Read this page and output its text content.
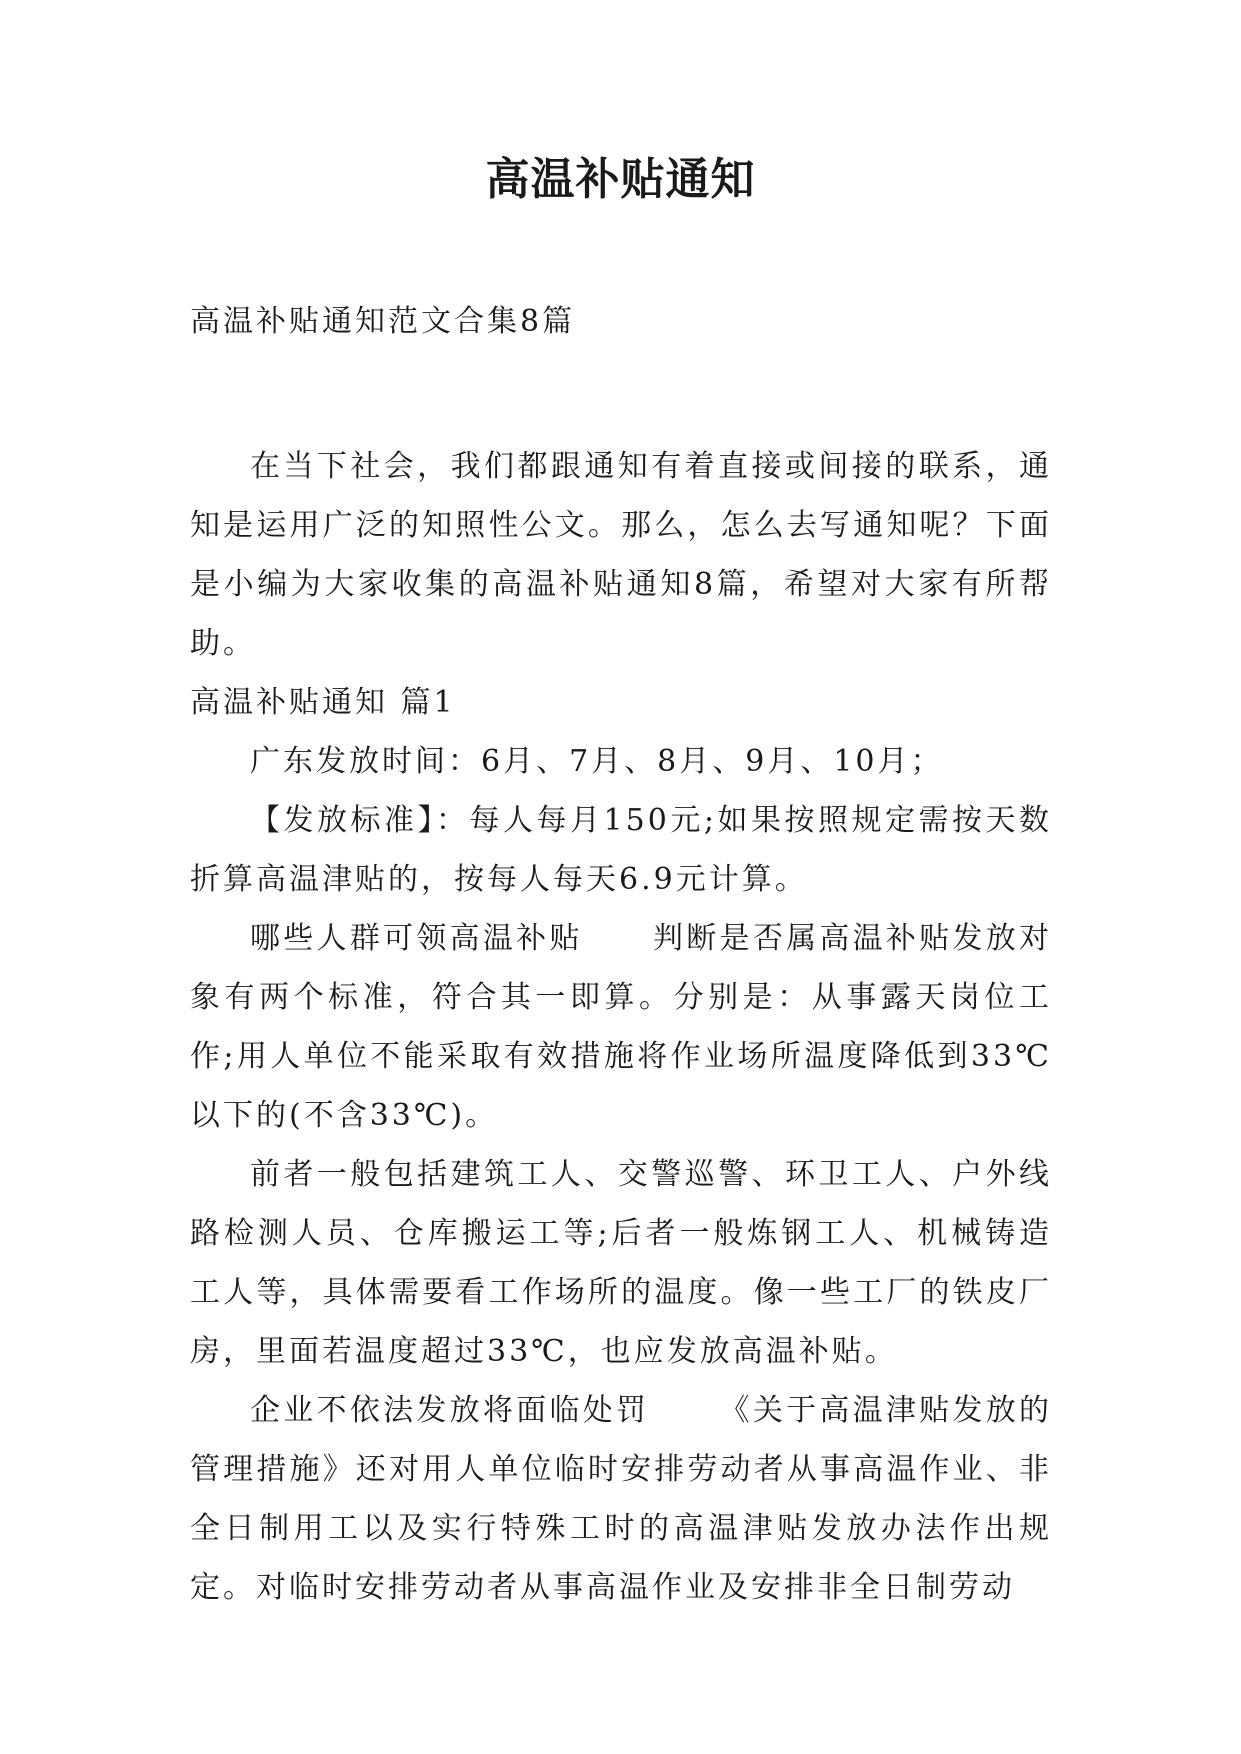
高温补贴通知

高温补贴通知范文合集8篇

在当下社会，我们都跟通知有着直接或间接的联系，通知是运用广泛的知照性公文。那么，怎么去写通知呢？下面是小编为大家收集的高温补贴通知8篇，希望对大家有所帮助。

高温补贴通知 篇1

广东发放时间：6月、7月、8月、9月、10月；

【发放标准】：每人每月150元;如果按照规定需按天数折算高温津贴的，按每人每天6.9元计算。

哪些人群可领高温补贴 判断是否属高温补贴发放对象有两个标准，符合其一即算。分别是：从事露天岗位工作;用人单位不能采取有效措施将作业场所温度降低到33℃以下的(不含33℃)。

前者一般包括建筑工人、交警巡警、环卫工人、户外线路检测人员、仓库搬运工等;后者一般炼钢工人、机械铸造工人等，具体需要看工作场所的温度。像一些工厂的铁皮厂房，里面若温度超过33℃，也应发放高温补贴。

企业不依法发放将面临处罚 《关于高温津贴发放的管理措施》还对用人单位临时安排劳动者从事高温作业、非全日制用工以及实行特殊工时的高温津贴发放办法作出规定。对临时安排劳动者从事高温作业及安排非全日制劳动
